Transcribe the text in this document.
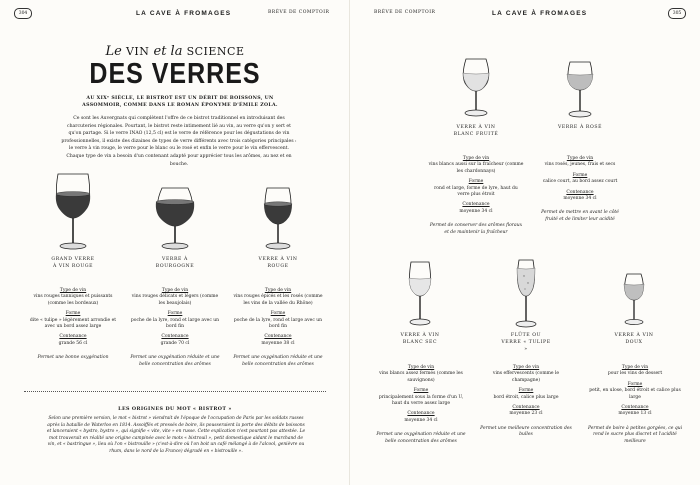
304	LA CAVE À FROMAGES	BRÈVE DE COMPTOIR
Le VIN et la SCIENCE
DES VERRES
AU XIXᵉ SIÈCLE, LE BISTROT EST UN DÉBIT DE BOISSONS, UN ASSOMMOIR, COMME DANS LE ROMAN ÉPONYME D'ÉMILE ZOLA.
Ce sont les Auvergnats qui complètent l'offre de ce bistrot traditionnel en introduisant des charcuteries régionales. Pourtant, le bistrot reste intimement lié au vin, au verre qu'on y sert et qu'on partage. Si le verre INAO (12,5 cl) est le verre de référence pour les dégustations de vin professionnelles, il existe des dizaines de types de verre différents avec trois catégories principales : le verre à vin rouge, le verre pour le blanc ou le rosé et enfin le verre pour le vin effervescent. Chaque type de vin a besoin d'un contenant adapté pour apprécier tous les arômes, au nez et en bouche.
GRAND VERRE À VIN ROUGE
VERRE À BOURGOGNE
VERRE À VIN ROUGE
Type de vin
vins rouges tanniques et puissants (comme les bordeaux)
Forme
dite « tulipe » légèrement arrondie et avec un bord assez large
Contenance
grande 56 cl
Permet une bonne oxygénation
Type de vin
vins rouges délicats et légers (comme les beaujolais)
Forme
poche de la lyre, rond et large avec un bord fin
Contenance
grande 70 cl
Permet une oxygénation réduite et une belle concentration des arômes
Type de vin
vins rouges épicés et les rosés (comme les vins de la vallée du Rhône)
Forme
poche de la lyre, rond et large avec un bord fin
Contenance
moyenne 38 cl
Permet une oxygénation réduite et une belle concentration des arômes
LES ORIGINES DU MOT « BISTROT »
Selon une première version, le mot « bistrot » viendrait de l'époque de l'occupation de Paris par les soldats russes après la bataille de Waterloo en 1814. Assoiffés et pressés de boire, ils pousseraient la porte des débits de boissons et lanceraient « bystro, bystro », qui signifie « vite, vite » en russe. Cette explication n'est pourtant pas attestée. Le mot trouverait en réalité une origine campinée avec le mots « bistrouil », petit domestique aidant le marchand de vin, et « bastringue », lieu où l'on « bistrouille » (c'est-à-dire où l'on boit un café mélangé à de l'alcool, genièvre ou rhum, dans le nord de la France) dégradé en « bistrouille ».
BRÈVE DE COMPTOIR	LA CAVE À FROMAGES	305
VERRE À VIN BLANC FRUITÉ
VERRE À ROSÉ
Type de vin
vins blancs aussi sur la fraîcheur (comme les chardonnays)
Forme
rond et large, forme de lyre, haut du verre plus étroit
Contenance
moyenne 34 cl
Permet de conserver des arômes floraux et de maintenir la fraîcheur
Type de vin
vins rosés, jeunes, frais et secs
Forme
calice court, au bord assez court
Contenance
moyenne 34 cl
Permet de mettre en avant le côté fruité et de limiter leur acidité
VERRE À VIN BLANC SEC
FLÛTE OU VERRE « TULIPE »
VERRE À VIN DOUX
Type de vin
vins blancs assez fermés (comme les sauvignons)
Forme
principalement sous la forme d'un U, haut du verre assez large
Contenance
moyenne 34 cl
Permet une oxygénation réduite et une belle concentration des arômes
Type de vin
vins effervescents (comme le champagne)
Forme
bord étroit, calice plus large
Contenance
moyenne 23 cl
Permet une meilleure concentration des bulles
Type de vin
pour les vins de dessert
Forme
petit, en ulose, bord étroit et calice plus large
Contenance
moyenne 13 cl
Permet de boire à petites gorgées, ce qui rend le sucre plus discret et l'acidité meilleure
